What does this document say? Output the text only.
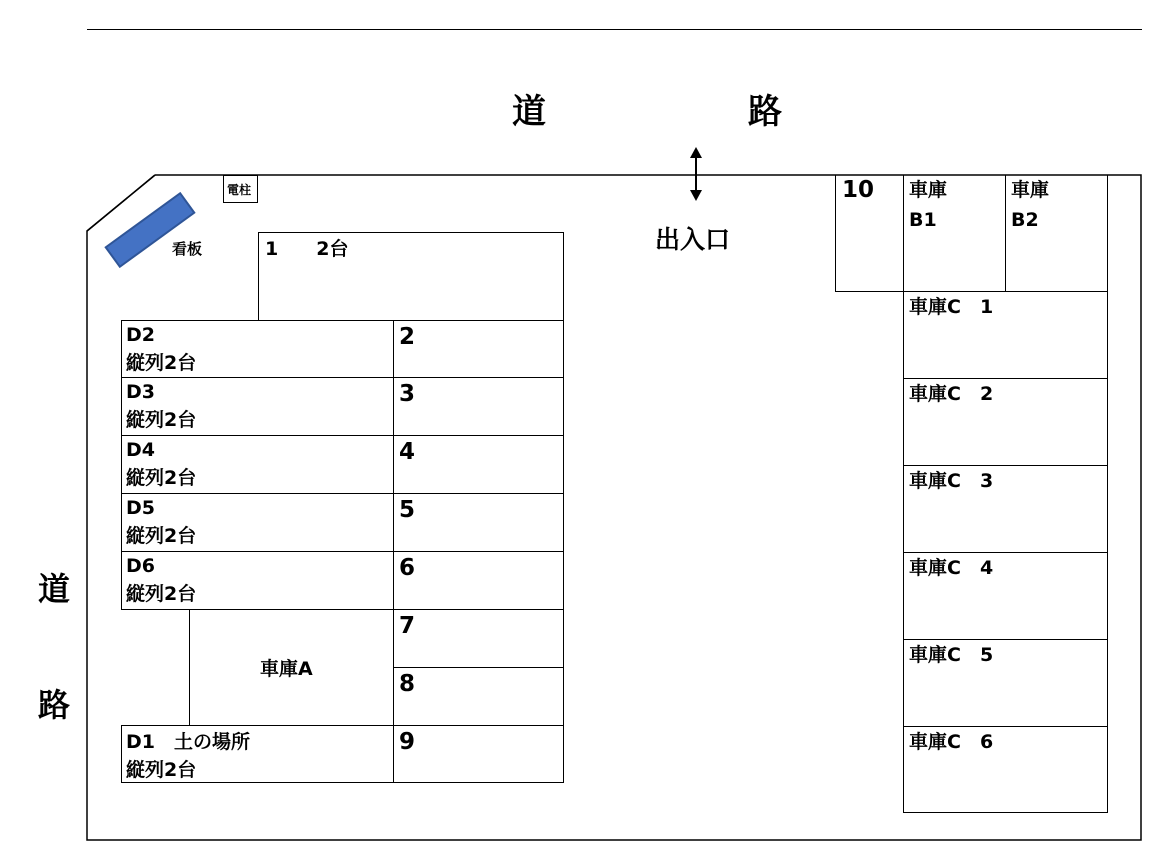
道	路
道
路
電柱
看板	出入口
1　　2台
D2
縦列2台
D3
縦列2台
D4
縦列2台
D5
縦列2台
D6
縦列2台
車庫A
D1　土の場所
縦列2台
2
3
4
5
6
7
8
9
10 車庫
B1
車庫
B2
車庫C　1
車庫C　2
車庫C　3
車庫C　4
車庫C　5
車庫C　6
